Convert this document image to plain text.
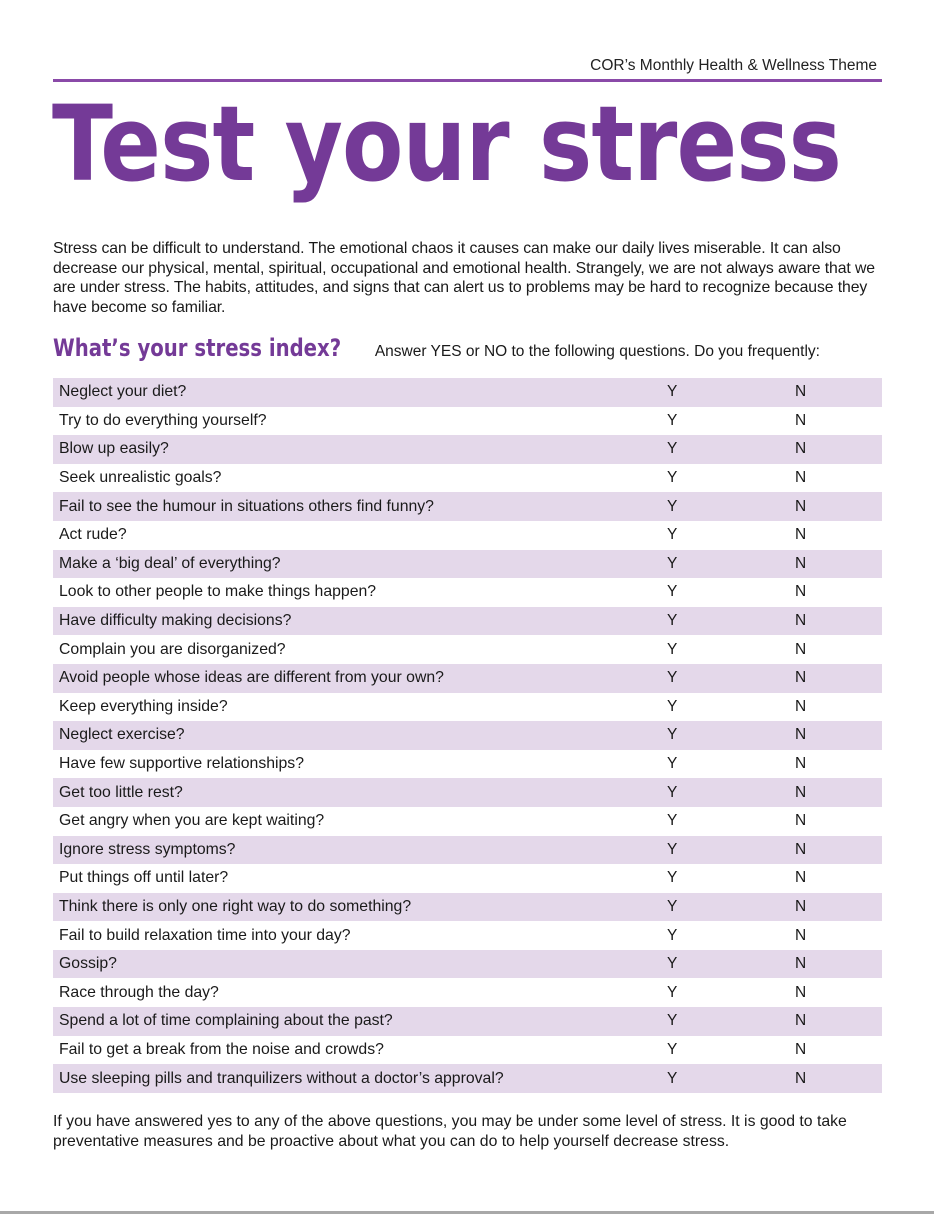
COR’s Monthly Health & Wellness Theme
Test your stress

Stress can be difficult to understand. The emotional chaos it causes can make our daily lives miserable. It can also decrease our physical, mental, spiritual, occupational and emotional health. Strangely, we are not always aware that we are under stress. The habits, attitudes, and signs that can alert us to problems may be hard to recognize because they have become so familiar.

What’s your stress index? Answer YES or NO to the following questions. Do you frequently:
Neglect your diet?	Y	N
Try to do everything yourself?	Y	N
Blow up easily?	Y	N
Seek unrealistic goals?	Y	N
Fail to see the humour in situations others find funny?	Y	N
Act rude?	Y	N
Make a ‘big deal’ of everything?	Y	N
Look to other people to make things happen?	Y	N
Have difficulty making decisions?	Y	N
Complain you are disorganized?	Y	N
Avoid people whose ideas are different from your own?	Y	N
Keep everything inside?	Y	N
Neglect exercise?	Y	N
Have few supportive relationships?	Y	N
Get too little rest?	Y	N
Get angry when you are kept waiting?	Y	N
Ignore stress symptoms?	Y	N
Put things off until later?	Y	N
Think there is only one right way to do something?	Y	N
Fail to build relaxation time into your day?	Y	N
Gossip?	Y	N
Race through the day?	Y	N
Spend a lot of time complaining about the past?	Y	N
Fail to get a break from the noise and crowds?	Y	N
Use sleeping pills and tranquilizers without a doctor’s approval?	Y	N

If you have answered yes to any of the above questions, you may be under some level of stress. It is good to take preventative measures and be proactive about what you can do to help yourself decrease stress.
